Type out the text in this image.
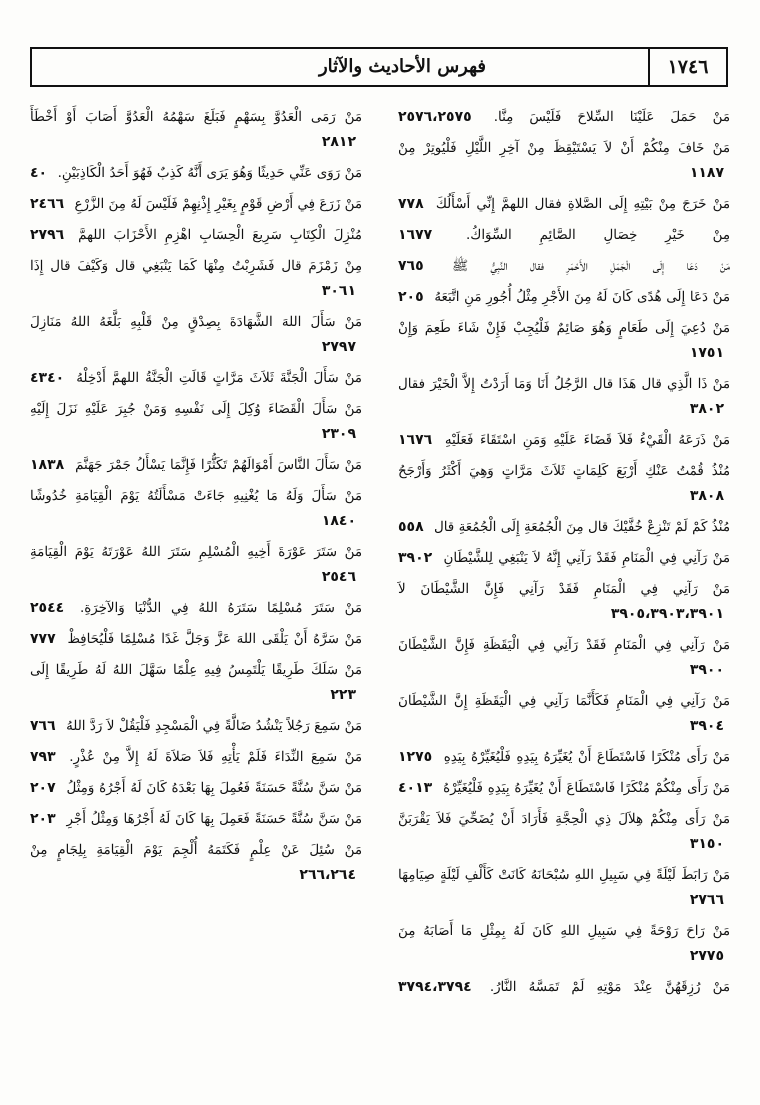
١٧٤٦
فهرس الأحاديث والآثار
مَنْ حَمَلَ عَلَيْنَا السِّلاحَ فَلَيْسَ مِنَّا. ٢٥٧٦،٢٥٧٥
مَنْ خَافَ مِنْكُمْ أَنْ لاَ يَسْتَيْقِظَ مِنْ آخِرِ اللَّيْلِ فَلْيُوتِرْ مِنْ ١١٨٧
مَنْ خَرَجَ مِنْ بَيْتِهِ إِلَى الصَّلاةِ فقال اللهمَّ إِنِّي أَسْأَلُكَ ٧٧٨
مِنْ خَيْرِ خِصَالِ الصَّائِمِ السِّوَاكُ. ١٦٧٧
مَنْ دَعَا إِلَى الْجَمَلِ الأَحْمَرِ فقال النَّبِيُّ ﷺ ٧٦٥
مَنْ دَعَا إِلَى هُدًى كَانَ لَهُ مِنَ الأَجْرِ مِثْلُ أُجُورِ مَنِ اتَّبَعَهُ ٢٠٥
مَنْ دُعِيَ إِلَى طَعَامٍ وَهُوَ صَائِمٌ فَلْيُجِبْ فَإِنْ شَاءَ طَعِمَ وَإِنْ ١٧٥١
مَنْ ذَا الَّذِي قال هَذَا قال الرَّجُلُ أَنَا وَمَا أَرَدْتُ إِلاَّ الْخَيْرَ فقال ٣٨٠٢
مَنْ ذَرَعَهُ الْقَيْءُ فَلاَ قَضَاءَ عَلَيْهِ وَمَنِ اسْتَقَاءَ فَعَلَيْهِ ١٦٧٦
مُنْذُ قُمْتُ عَنْكِ أَرْبَعَ كَلِمَاتٍ ثَلاَثَ مَرَّاتٍ وَهِيَ أَكْثَرُ وَأَرْجَحُ ٣٨٠٨
مُنْذُ كَمْ لَمْ تَنْزِعْ خُفَّيْكَ قال مِنَ الْجُمُعَةِ إِلَى الْجُمُعَةِ قال ٥٥٨
مَنْ رَآنِي فِي الْمَنَامِ فَقَدْ رَآنِي إِنَّهُ لاَ يَنْبَغِي لِلشَّيْطَانِ ٣٩٠٢
مَنْ رَآنِي فِي الْمَنَامِ فَقَدْ رَآنِي فَإِنَّ الشَّيْطَانَ لاَ ٣٩٠٥،٣٩٠٣،٣٩٠١
مَنْ رَآنِي فِي الْمَنَامِ فَقَدْ رَآنِي فِي الْيَقَظَةِ فَإِنَّ الشَّيْطَانَ ٣٩٠٠
مَنْ رَآنِي فِي الْمَنَامِ فَكَأَنَّمَا رَآنِي فِي الْيَقَظَةِ إِنَّ الشَّيْطَانَ ٣٩٠٤
مَنْ رَأَى مُنْكَرًا فَاسْتَطَاعَ أَنْ يُغَيِّرَهُ بِيَدِهِ فَلْيُغَيِّرْهُ بِيَدِهِ ١٢٧٥
مَنْ رَأَى مِنْكُمْ مُنْكَرًا فَاسْتَطَاعَ أَنْ يُغَيِّرَهُ بِيَدِهِ فَلْيُغَيِّرْهُ ٤٠١٣
مَنْ رَأَى مِنْكُمْ هِلاَلَ ذِي الْحِجَّةِ فَأَرَادَ أَنْ يُضَحِّيَ فَلاَ يَقْرَبَنَّ ٣١٥٠
مَنْ رَابَطَ لَيْلَةً فِي سَبِيلِ اللهِ سُبْحَانَهُ كَانَتْ كَأَلْفِ لَيْلَةٍ صِيَامِهَا ٢٧٦٦
مَنْ رَاحَ رَوْحَةً فِي سَبِيلِ اللهِ كَانَ لَهُ بِمِثْلِ مَا أَصَابَهُ مِنَ ٢٧٧٥
مَنْ رُزِقَهُنَّ عِنْدَ مَوْتِهِ لَمْ تَمَسَّهُ النَّارُ. ٣٧٩٤،٣٧٩٤
مَنْ رَمَى الْعَدُوَّ بِسَهْمٍ فَبَلَغَ سَهْمُهُ الْعَدُوَّ أَصَابَ أَوْ أَخْطَأَ ٢٨١٢
مَنْ رَوَى عَنِّي حَدِيثًا وَهُوَ يَرَى أَنَّهُ كَذِبٌ فَهُوَ أَحَدُ الْكَاذِبَيْنِ. ٤٠
مَنْ زَرَعَ فِي أَرْضِ قَوْمٍ بِغَيْرِ إِذْنِهِمْ فَلَيْسَ لَهُ مِنَ الزَّرْعِ ٢٤٦٦
مُنْزِلَ الْكِتَابِ سَرِيعَ الْحِسَابِ اهْزِمِ الأَحْزَابَ اللهمَّ ٢٧٩٦
مِنْ زَمْزَمَ قال فَشَرِبْتُ مِنْهَا كَمَا يَنْبَغِي قال وَكَيْفَ قال إِذَا ٣٠٦١
مَنْ سَأَلَ اللهَ الشَّهَادَةَ بِصِدْقٍ مِنْ قَلْبِهِ بَلَّغَهُ اللهُ مَنَازِلَ ٢٧٩٧
مَنْ سَأَلَ الْجَنَّةَ ثَلاَثَ مَرَّاتٍ قَالَتِ الْجَنَّةُ اللهمَّ أَدْخِلْهُ ٤٣٤٠
مَنْ سَأَلَ الْقَضَاءَ وُكِلَ إِلَى نَفْسِهِ وَمَنْ جُبِرَ عَلَيْهِ نَزَلَ إِلَيْهِ ٢٣٠٩
مَنْ سَأَلَ النَّاسَ أَمْوَالَهُمْ تَكَثُّرًا فَإِنَّمَا يَسْأَلُ جَمْرَ جَهَنَّمَ ١٨٣٨
مَنْ سَأَلَ وَلَهُ مَا يُغْنِيهِ جَاءَتْ مَسْأَلَتُهُ يَوْمَ الْقِيَامَةِ خُدُوشًا ١٨٤٠
مَنْ سَتَرَ عَوْرَةَ أَخِيهِ الْمُسْلِمِ سَتَرَ اللهُ عَوْرَتَهُ يَوْمَ الْقِيَامَةِ ٢٥٤٦
مَنْ سَتَرَ مُسْلِمًا سَتَرَهُ اللهُ فِي الدُّنْيَا وَالآخِرَةِ. ٢٥٤٤
مَنْ سَرَّهُ أَنْ يَلْقَى اللهَ عَزَّ وَجَلَّ غَدًا مُسْلِمًا فَلْيُحَافِظْ ٧٧٧
مَنْ سَلَكَ طَرِيقًا يَلْتَمِسُ فِيهِ عِلْمًا سَهَّلَ اللهُ لَهُ طَرِيقًا إِلَى ٢٢٣
مَنْ سَمِعَ رَجُلاً يَنْشُدُ ضَالَّةً فِي الْمَسْجِدِ فَلْيَقُلْ لاَ رَدَّ اللهُ ٧٦٦
مَنْ سَمِعَ النِّدَاءَ فَلَمْ يَأْتِهِ فَلاَ صَلاَةَ لَهُ إِلاَّ مِنْ عُذْرٍ. ٧٩٣
مَنْ سَنَّ سُنَّةً حَسَنَةً فَعُمِلَ بِهَا بَعْدَهُ كَانَ لَهُ أَجْرُهُ وَمِثْلُ ٢٠٧
مَنْ سَنَّ سُنَّةً حَسَنَةً فَعَمِلَ بِهَا كَانَ لَهُ أَجْرُهَا وَمِثْلُ أَجْرِ ٢٠٣
مَنْ سُئِلَ عَنْ عِلْمٍ فَكَتَمَهُ أُلْجِمَ يَوْمَ الْقِيَامَةِ بِلِجَامٍ مِنْ ٢٦٦،٢٦٤
